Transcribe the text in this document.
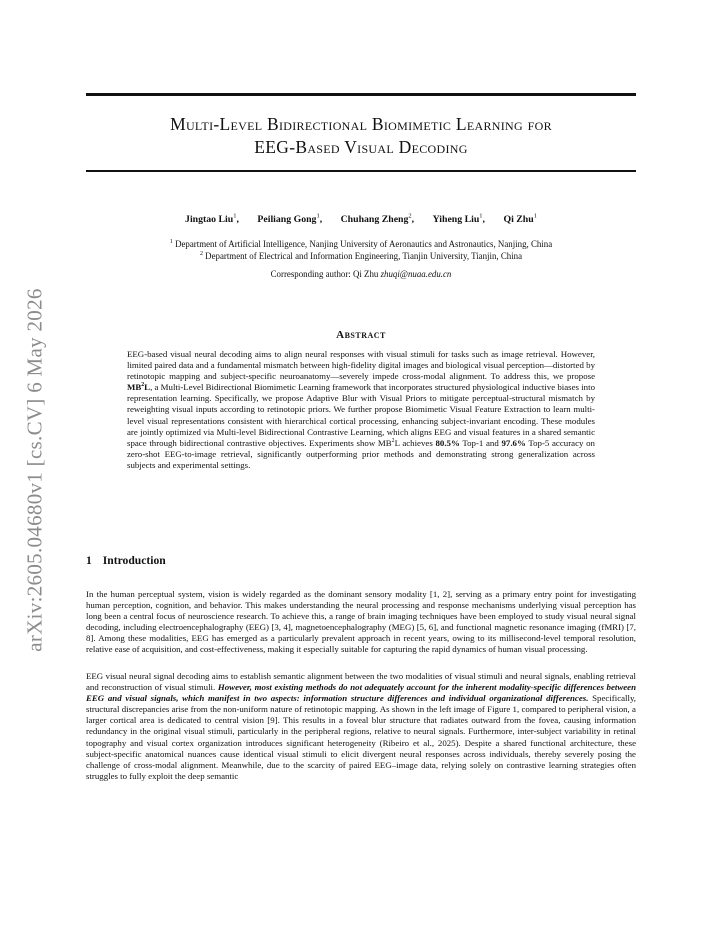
arXiv:2605.04680v1 [cs.CV] 6 May 2026
Multi-Level Bidirectional Biomimetic Learning for
EEG-Based Visual Decoding
Jingtao Liu$^1$, Peiliang Gong$^1$, Chuhang Zheng$^2$, Yiheng Liu$^1$, Qi Zhu$^1$
$^1$ Department of Artificial Intelligence, Nanjing University of Aeronautics and Astronautics, Nanjing, China
$^2$ Department of Electrical and Information Engineering, Tianjin University, Tianjin, China
Corresponding author: Qi Zhu zhuqi@nuaa.edu.cn
Abstract
EEG-based visual neural decoding aims to align neural responses with visual stimuli for tasks such as image retrieval. However, limited paired data and a fundamental mismatch between high-fidelity digital images and biological visual perception—distorted by retinotopic mapping and subject-specific neuroanatomy—severely impede cross-modal alignment. To address this, we propose $MB^2L$, a Multi-Level Bidirectional Biomimetic Learning framework that incorporates structured physiological inductive biases into representation learning. Specifically, we propose Adaptive Blur with Visual Priors to mitigate perceptual-structural mismatch by reweighting visual inputs according to retinotopic priors. We further propose Biomimetic Visual Feature Extraction to learn multi-level visual representations consistent with hierarchical cortical processing, enhancing subject-invariant encoding. These modules are jointly optimized via Multi-level Bidirectional Contrastive Learning, which aligns EEG and visual features in a shared semantic space through bidirectional contrastive objectives. Experiments show $MB^2L$ achieves 80.5% Top-1 and 97.6% Top-5 accuracy on zero-shot EEG-to-image retrieval, significantly outperforming prior methods and demonstrating strong generalization across subjects and experimental settings.
1 Introduction
In the human perceptual system, vision is widely regarded as the dominant sensory modality [1, 2], serving as a primary entry point for investigating human perception, cognition, and behavior. This makes understanding the neural processing and response mechanisms underlying visual perception has long been a central focus of neuroscience research. To achieve this, a range of brain imaging techniques have been employed to study visual neural signal decoding, including electroencephalography (EEG) [3, 4], magnetoencephalography (MEG) [5, 6], and functional magnetic resonance imaging (fMRI) [7, 8]. Among these modalities, EEG has emerged as a particularly prevalent approach in recent years, owing to its millisecond-level temporal resolution, relative ease of acquisition, and cost-effectiveness, making it especially suitable for capturing the rapid dynamics of human visual processing.
EEG visual neural signal decoding aims to establish semantic alignment between the two modalities of visual stimuli and neural signals, enabling retrieval and reconstruction of visual stimuli. However, most existing methods do not adequately account for the inherent modality-specific differences between EEG and visual signals, which manifest in two aspects: information structure differences and individual organizational differences. Specifically, structural discrepancies arise from the non-uniform nature of retinotopic mapping. As shown in the left image of Figure 1, compared to peripheral vision, a larger cortical area is dedicated to central vision [9]. This results in a foveal blur structure that radiates outward from the fovea, causing information redundancy in the original visual stimuli, particularly in the peripheral regions, relative to neural signals. Furthermore, inter-subject variability in retinal topography and visual cortex organization introduces significant heterogeneity (Ribeiro et al., 2025). Despite a shared functional architecture, these subject-specific anatomical nuances cause identical visual stimuli to elicit divergent neural responses across individuals, thereby severely posing the challenge of cross-modal alignment. Meanwhile, due to the scarcity of paired EEG–image data, relying solely on contrastive learning strategies often struggles to fully exploit the deep semantic
